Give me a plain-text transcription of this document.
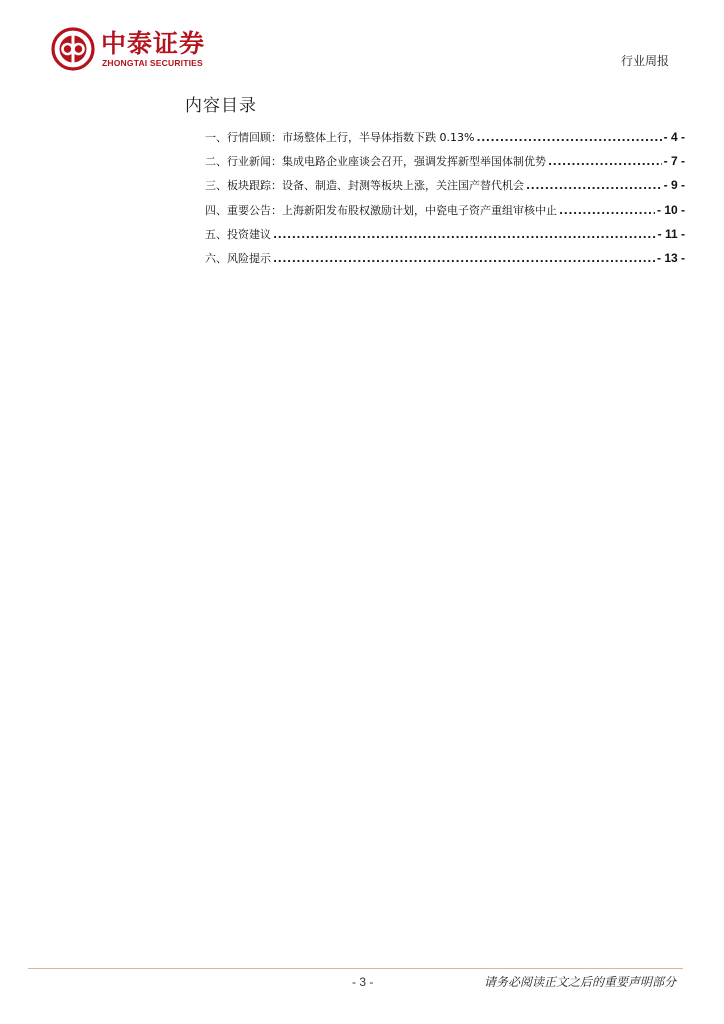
中泰证券
ZHONGTAI SECURITIES	行业周报
内容目录
一、行情回顾：市场整体上行，半导体指数下跌 0.13% .....	- 4 -
二、行业新闻：集成电路企业座谈会召开，强调发挥新型举国体制优势 .....	- 7 -
三、板块跟踪：设备、制造、封测等板块上涨，关注国产替代机会 .....	- 9 -
四、重要公告：上海新阳发布股权激励计划，中瓷电子资产重组审核中止 .....	- 10 -
五、投资建议 .....	- 11 -
六、风险提示 .....	- 13 -
- 3 -	请务必阅读正文之后的重要声明部分
